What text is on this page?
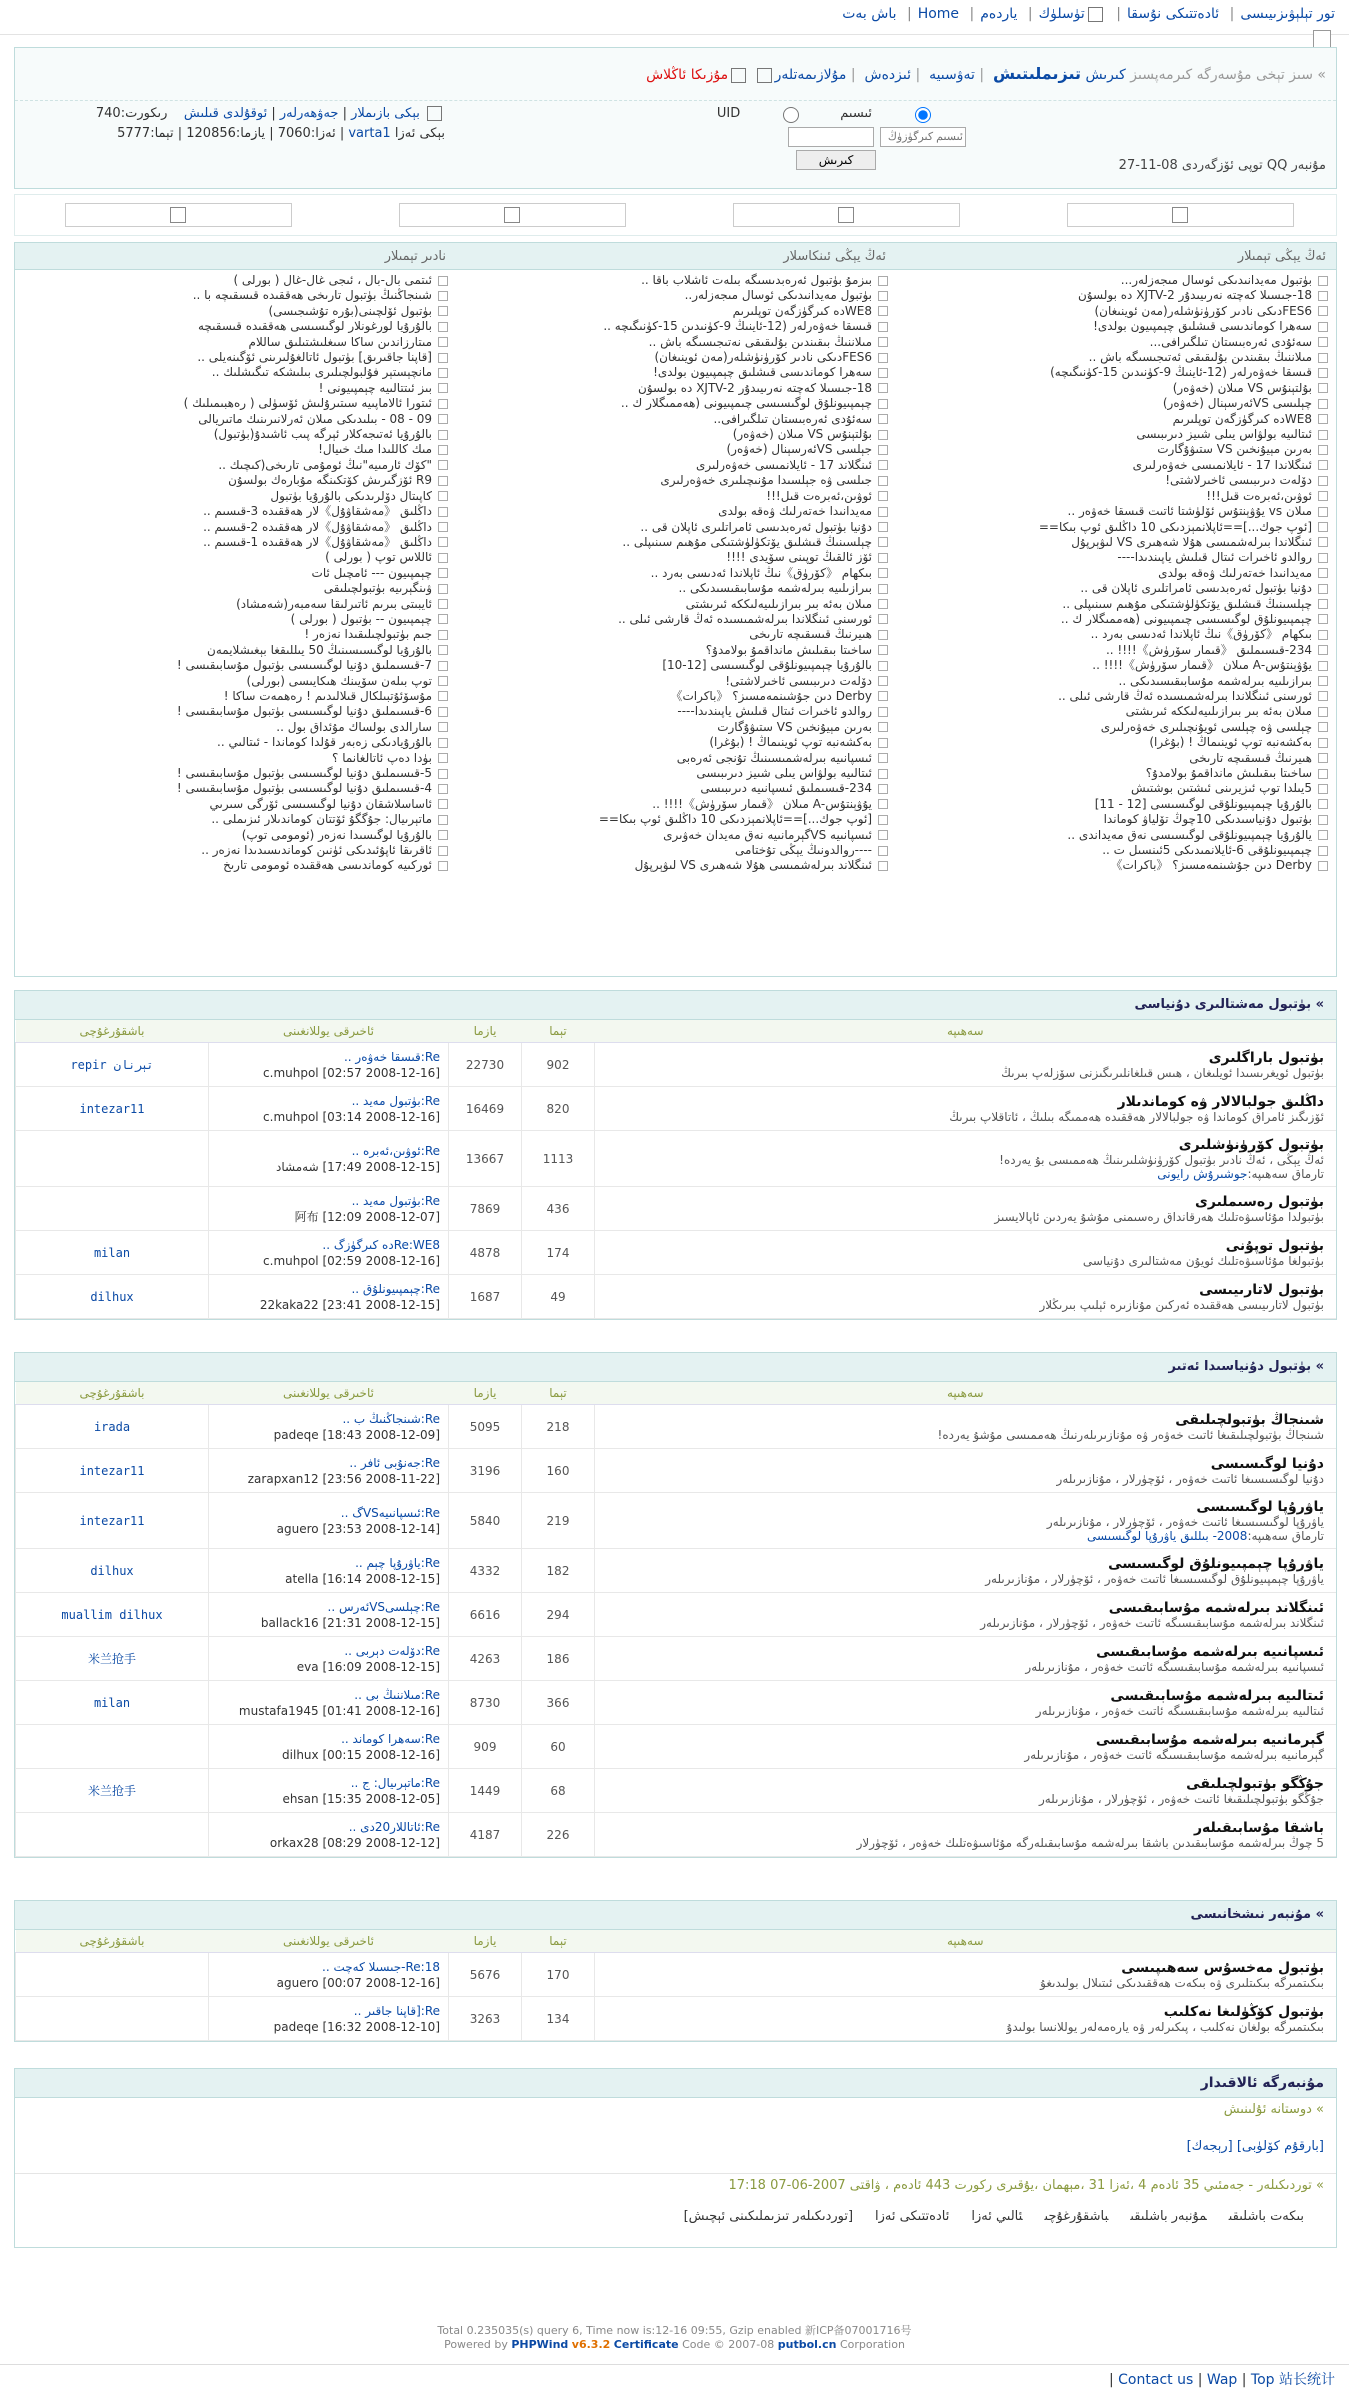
تور تېلېۋىزىيىسى| ئادەتتىكى نۇسقا| تۈسلۈك| ياردەم| Home| باش بەت
» سىز تېخى مۇسەرگە كىرمەپسىز كىرىش تىزىملىتىش  | تەۋسىيە  | ئىزدەش  | مۇلازىمەتلەر مۇزىكا ئاڭلاش
ئىسىم
UID
ئىسىم كىرگۈزۈڭ
كىرىش
بېكى بازىملار | جەۋھەرلەر | ئوقۇلدى قىلىش    رىكورت:740
بېكى ئەزا varta1 | ئەزا:7060 | يازما:120856 | تېما:5777
مۇنبەر QQ توپى ئۆزگەردى 08-11-27
ئەڭ يېڭى تېمىلار
ئەڭ يېڭى ئىنكاسلار
نادىر تېمىلار
بۈتبول مەيدانىدىكى ئوسال مىجەزلەر...
18-جىسىلا كەچتە نەرىيىدۇر XJTV-2 دە بولسۇن
FES6دىكى نادىر كۆرۈنۈشلەر(مەن ئوينىغان)
سەھرا كوماندىسى قىشلىق چېمپىيون بولدى!
سەئۇدى ئەرەبىستان تىلگىرافى...
مىلاننىڭ بىقىندىن بۇلىقىقى ئەتىجىسىگە باش ..
قىسقا خەۋەرلەر (12-ئاينىڭ 9-كۈنىدىن 15-كۈنىگىچە)
بۇلتېنۇس VS مىلان (خەۋەر)
چېلىسى VSئەرسېنال (خەۋەر)
WE8دە كىرگۈزگەن توپلىرىم
ئىتالىيە بولۋاس يىلى شىيز دىرىبىسى
بەرىن مېيۇنخىن VS ستىۋۇگارت
ئىنگلاندا 17 - ئايلانمىسى خەۋەرلىرى
دۆلەت دىرىبىسى ئاخىرلاشتى!
ئوۋىن،ئەبرەت قىل!!!
مىلان vs يۇۋېنتۇس ئۆلۈشتا ئاتىت قىسقا خەۋەر ..
[ئوپ جوك...]==ئاپلانمېزدىكى 10 داڭلىق ئوپ بىكا==
ئىنگلاندا بىرلەشمىسى هۇلا شەھىرى VS لىۋېرپۇل
روالدو ئاخىرات ئىتال قىلىش ياپىندىدا----
مەيدانىدا خەتەرلىك ۋەقە بولدى
دۇنيا بۈتبول ئەرەبدىسى ئامراتلىرى ئاپلان قى ..
چېلسىنىڭ قىشلىق يۆتكۈلۈشتىكى مۇھىم سىنىپلى ..
چېمپىيونلۇق لوگىسىسى چىمپىيونى (ھەممىگلار ك ..
بىكھام 《كۆرۈق》نىڭ ئاپلاندا ئەدىسى بەرد ..
234-قىسىملىق 《قىمار سۆرۈش》!!!! ..
يۇۋېنتۇس-A مىلان 《قىمار سۆرۈش》!!!! ..
بىرازىلىيە بىرلەشمە مۇسابىقىسىدىكى ..
ئورسنى ئىنگلاندا بىرلەشمىسىدە ئەڭ قارشى ئىلى ..
مىلان بەئە بىر بىرازىلىيەلىككە ئىرىشتى
چېلسى ۋە چېلسى ئويۇنچىلىرى خەۋەرلىرى
بەكشەنبە توپ ئوينىماڭ ! (بۇغرا)
ھىيرنىڭ قىسقىچە تارىخى
ساخىتا بىقىلىش مانداقمۇ بولامدۇ؟
5يىلدا توپ ئىزيرىنى ئىشتىن بوشتىش
بالۇرۇيا چېمپىيونلۇقى لوگىسىسى [12 - 11]
بۈتبول دۇنياسىدىكى 10چوڭ تۆلياۋ كوماندا
يالۇرۇيا چېمپىيونلۇقى لوگىسىسى نەق مەيداندى ..
چېمپىيونلۇقى 6-ئايلانمىدىكى 5ئىنسىل ت ..
Derby دىن جۇشىنمەمسىز؟ 《باكرات》
بىزمۇ بۈتبول ئەرەبدىسىگە بىلەت ئاشلاب باقا ..
بۈتبول مەيدانىدىكى ئوسال مىجەزلەر..
WE8دە كىرگۈزگەن توپلىرىم
قىسقا خەۋەرلەر (12-ئاينىڭ 9-كۈنىدىن 15-كۈنىگىچە ..
مىلاننىڭ بىقىندىن بۇلىقىقى نەتىجىسىگە باش ..
FES6دىكى نادىر كۆرۈنۈشلەر(مەن ئوينىغان)
سەھرا كوماندىسى قىشلىق چېمپىيون بولدى!
18-جىسىلا كەچتە نەرىيىدۇر XJTV-2 دە بولسۇن
چېمپىيونلۇق لوگىسىسى چىمپىيونى (ھەممىگلار ك ..
سەئۇدى ئەرەبىستان تىلگىرافى..
بۇلتېنۇس VS مىلان (خەۋەر)
جېلسى VSئەرسېنال (خەۋەر)
ئىنگلاند 17 - ئايلانمىسى خەۋەرلىرى
جىلسى ۋە جېلسىدا مۇنىچىلىرى خەۋەرلىرى
ئوۋىن،ئەبرەت قىل!!!
مەيدانىدا خەتەرلىك ۋەقە بولدى
دۇنيا بۈتبول ئەرەبدىسى ئامراتلىرى ئاپلان قى ..
چېلسىنىڭ قىشلىق يۆتكۈلۈشتىكى مۇھىم سىنىپلى ..
ئۆز ئالقىڭ توپىنى سۆيدى !!!!
بىكھام 《كۆرۈق》نىڭ ئاپلاندا ئەدىسى بەرد ..
بىرازىلىيە بىرلەشمە مۇسابىقىسىدىكى ..
مىلان بەئە بىر بىرازىلىيەلىككە ئىرىشتى
ئورسنى ئىنگلاندا بىرلەشمىسىدە ئەڭ قارشى ئىلى ..
ھىيرنىڭ قىسقىچە تارىخى
ساخىتا بىقىلىش مانداقمۇ بولامدۇ؟
بالۇرۇيا چېمپىيونلۇقى لوگىسىسى [12-10]
دۆلەت دىرىبىسى ئاخىرلاشتى!
Derby دىن جۇشىنمەمسىز؟ 《باكرات》
روالدو ئاخىرات ئىتال قىلىش ياپىندىدا----
بەرىن مېيۇنخىن VS ستىۋۇگارت
بەكشەنبە توپ ئوينىماڭ ! (بۇغرا)
ئىسپانىيە بىرلەشمىسىنىڭ تۇنجى ئەرەبى
ئىتالىيە بولۋاس يىلى شىيز دىرىبىسى
234-قىسىملىق ئىسپانىيە دىرىبىسى
يۇۋېنتۇس-A مىلان 《قىمار سۆرۈش》!!!! ..
[ئوپ جوك...]==ئاپلانمېزدىكى 10 داڭلىق ئوپ بىكا==
ئىسپانىيە VSگېرمانىيە نەق مەيدان خەۋىرى
----روالدونىڭ يېڭى تۇختامى
ئىنگلاند بىرلەشمىسى هۇلا شەھىرى VS لىۋېرپۇل
ئىتمى بال-بال ، ئىجى غال-غال ( بورلى )
شىنجاڭنىڭ بۈتبول تارىخى ھەققىدە قىسقىچە با ..
بۈتبول ئۆلچىنى(بۇرە تۇشىجىسى)
بالۇرۇيا لورغونلار لوگىسىسى ھەققىدە قىسقىچە
مىتارزاندىن ساكا سىغلىشتىلىق ساللام
[قاپنا جاقىرىق] بۈتبول ئاتالغۇلىرىنى ئۆگىنەيلى ..
مانچېستېر فۇلبولچىلىرى بىلىشكە تىگىشلىك ..
بىز ئىتتالىيە چېمپىيونى !
ئىتورا ئالاماپىيە سىتىرۇلىش ئۆسۈلى ( رەھبىمىلىك )
09 - 08 - بىلىدىكى مىلان ئەرلانىرىنىك ماتىريالى
بالۇرۇيا ئەتىجەكلار ئېرگە پىب ئاشىدۇ(بۈتبول)
مىك كاللىدا مىك خىيال!
"كۆك ئارمىيە"نىڭ ئومۇمى تارىخى(كىچىك ..
R9 ئۆزگىرىش كۆتكىنگە مۇبارەك بولسۇن
كاپىتال دۆلرىدىكى بالۇرۇيا بۈتبول
داڭلىق 《مەشقاۋۇل》لار ھەققىدە 3-قىسىم ..
داڭلىق 《مەشقاۋۇل》لار ھەققىدە 2-قىسىم ..
داڭلىق 《مەشقاۋۇل》لار ھەققىدە 1-قىسىم ..
ئاللاس توپ ( بورلى )
چېمپىيون --- ئامچىل ئات
ۋىنگېرىيە بۈتبولچىلىقى
ئايبىتى بىرىم ئاتىرلىقا سەمبەر(شەمشاد)
چېمپىيون -- بۈتبول ( بورلى )
جىم بۈتبولچىلىقىدا نەزەر !
بالۇرۇيا لوگىسىسىنىڭ 50 يىللىقغا بېغىشلايمەن
7-قىسىملىق دۇنيا لوگىسىسى بۈتبول مۇسابىقىسى !
توپ بىلەن سۆيىنك ھىكايىسى (بورلى)
مۇسۆئۇتبىلكال قىلالىدىم ! رەھمەت ساكا !
6-قىسىملىق دۇنيا لوگىسىسى بۈتبول مۇسابىقىسى !
سارالدى بولساك مۇئداق بول ..
بالۇرۇيادىكى زەبەر قۇلدا كوماندا - ئىتالىي ..
بۈدا دەپ ئاتالغانما ؟
5-قىسىملىق دۇنيا لوگىسىسى بۈتبول مۇسابىقىسى !
4-قىسىملىق دۇنيا لوگىسىسى بۈتبول مۇسابىقىسى !
ئاساسلاشقان دۇنيا لوگىسىسى ئۆرگى سىرىي
ماتېرىيال: جۇگگۇ ئۆتتان كوماندىلار ئىزىملى ..
بالۇرۇيا لوگىسىدا نەزەر (ئومومى توپ)
ئاقرىقا ئاپۇئىدىكى ئۈنىن كوماندىسىدىدا نەزەر ..
ئوركىيە كوماندىسى ھەققىدە ئومومى تارىخ
» بۈتبول مەشتالىرى دۇنياسى
سەھىپە	تېما	يازما	ئاخىرقى يوللانغىنى	باشقۇرغۇچى

بۈتبول باراگلىرى
بۈتبول ئويغرىسىدا ئويلىغان ، هىس قىلغانلىرىگىزنى سۆزلەپ بىرىڭ	902	22730	Re:قىسقا خەۋەر ..
[2008-12-16 02:57] c.muhpol	تېرنان repir

داڭلىق جولبالالار ۋە كوماندىلار
ئۆزىگىز ئامراق كوماندا ۋە جولبالالار ھەققىدە ھەممىگە بىلىڭ ، ئاتاقلاپ بىرىڭ	820	16469	Re:بۈتبول مەيد ..
[2008-12-16 03:14] c.muhpol	intezar11

بۈتبول كۆرۈنۈشلىرى
ئەڭ يېڭى ، ئەڭ نادىر بۈتبول كۆرۈنۈشلىرىنىڭ ھەممىسى بۇ يەردە!
تارماق سەھىپە:جوشىرۇش رايونى	1113	13667	Re:ئوۋىن،ئەبرە ..
[2008-12-15 17:49] شەمشاد	

بۈتبول رەسىملىرى
بۈتبولدا مۇئاسىۋەتلىك ھەرقانداق رەسىمنى مۇشۇ يەردىن ئاپالايسىز	436	7869	Re:بۈتبول مەيد ..
[2008-12-07 12:09] 阿布	

بۈتبول توپۇنى
بۈتبولغا مۇئاسىۋەتلىك ئويۇن مەشتالىرى دۇنياسى	174	4878	Re:WE8دە كىرگۈزگ ..
[2008-12-16 02:59] c.muhpol	milan

بۈتبول لاتارىيىسى
بۈتبول لاتارىيىسى ھەققىدە ئەركىن مۇنازىرە ئېلىپ بىرىڭلار	49	1687	Re:چېمپىيونلۇق ..
[2008-12-15 23:41] 22kaka22	dilhux
» بۈتبول دۇنياسىدا ئەتىر
سەھىپە	تېما	يازما	ئاخىرقى يوللانغىنى	باشقۇرغۇچى

شىنجاڭ بۈتبولچىلىقى
شىنجاڭ بۈتبولچىلىقىغا ئاتىت خەۋەر ۋە مۇنازىرىلەرنىڭ ھەممىسى مۇشۇ يەردە!	218	5095	Re:شىنجاڭنىڭ ب ..
[2008-12-09 18:43] padeqe	irada

دۇنيا لوگىسىسى
دۇنيا لوگىسىسىغا ئاتىت خەۋەر ، ئۆچۈرلار ، مۇنازىرىلەر	160	3196	Re:جەنۇبى ئاڧر ..
[2008-11-22 23:56] zarapxan12	intezar11

ياۋرۇپا لوگىسىسى
ياۋرۇپا لوگىسىسىغا ئاتىت خەۋەر ، ئۆچۈرلار ، مۇنازىرىلەر
تارماق سەھىپە:2008- بىللىق ياۋرۇپا لوگىسىسى	219	5840	Re:ئىسپانىيەVSگ ..
[2008-12-14 23:53] aguero	intezar11

ياۋرۇپا چېمپىيونلۇق لوگىسىسى
ياۋرۇپا چېمپىيونلۇق لوگىسىسىغا ئاتىت خەۋەر ، ئۆچۈرلار ، مۇنازىرىلەر	182	4332	Re:ياۋرۇپا چېم ..
[2008-12-15 16:14] atella	dilhux

ئىنگلاند بىرلەشمە مۇسابىقىسى
ئىنگلاند بىرلەشمە مۇسابىقىسىگە ئاتىت خەۋەر ، ئۆچۈرلار ، مۇنازىرىلەر	294	6616	Re:چېلسىVSئەرس ..
[2008-12-15 21:31] ballack16	muallim dilhux

ئىسپانىيە بىرلەشمە مۇسابىقىسى
ئىسپانىيە بىرلەشمە مۇسابىقىسىگە ئاتىت خەۋەر ، مۇنازىرىلەر	186	4263	Re:دۆلەت دېربى ..
[2008-12-15 16:09] eva	米兰抢手

ئىتالىيە بىرلەشمە مۇسابىقىسى
ئىتالىيە بىرلەشمە مۇسابىقىسىگە ئاتىت خەۋەر ، مۇنازىرىلەر	366	8730	Re:مىلاننىڭ بى ..
[2008-12-16 01:41] mustafa1945	milan

گېرمانىيە بىرلەشمە مۇسابىقىسى
گېرمانىيە بىرلەشمە مۇسابىقىسىگە ئاتىت خەۋەر ، مۇنازىرىلەر	60	909	Re:سەھرا كوماند ..
[2008-12-16 00:15] dilhux	

جۇڭگو بۈتبولچىلىقى
جۇڭگو بۈتبولچىلىقىغا ئاتىت خەۋەر ، ئۆچۈرلار ، مۇنازىرىلەر	68	1449	Re:ماتېرىيال: ج ..
[2008-12-05 15:35] ehsan	米兰抢手

باشقا مۇسابىقىلەر
5 چوڭ بىرلەشمە مۇسابىقىدىن باشقا بىرلەشمە مۇسابىقىلەرگە مۇئاسىۋەتلىك خەۋەر ، ئۆچۈرلار	226	4187	Re:ئاتاللار20دى ..
[2008-12-12 08:29] orkax28	

» مۇنبەر نىشخانىسى
سەھىپە	تېما	يازما	ئاخىرقى يوللانغىنى	باشقۇرغۇچى

بۈتبول مەخسۇس سەھىپىسى
بىكىتمىرگە بىكىتلىرى ۋە بىكەت ھەققىدىكى ئىتىلال بولىدىغۇ	170	5676	Re:18-جىسىلا كەچت ..
[2008-12-16 00:07] aguero	

بۈتبول كۆڭۈلىغا نەكلىب
بىكىتمىرگە بولغان نەكلىب ، پىكىرلەر ۋە يارەمەلەر يوللانسا بولىدۇ	134	3263	Re:[قاپنا جاقىر ..
[2008-12-10 16:32] padeqe	

مۇنبەرگە ئالاقىدار
» دوستانە ئۇلىنىش
[بارقۇم كۆلۈبى] [رېجەك]
» توردىكىلەر - جەمئىي 35 ئادەم 4 ،ئەزا 31 ،مېھمان ،يۇقىرى ركورت 443 ئادەم ، ۋاقتى 2007-06-07 17:18
بىكەت باشلىقىمۇنبەر باشلىقىباشقۇرغۇچىئالىي ئەزائادەتتىكى ئەزا[توردىكىلەر تىزىملىكىنى ئېچىش]
Total 0.235035(s) query 6, Time now is:12-16 09:55, Gzip enabled 新ICP备07001716号
Powered by PHPWind v6.3.2 Certificate Code © 2007-08 putbol.cn Corporation
| Contact us | Wap | Top 站长统计
